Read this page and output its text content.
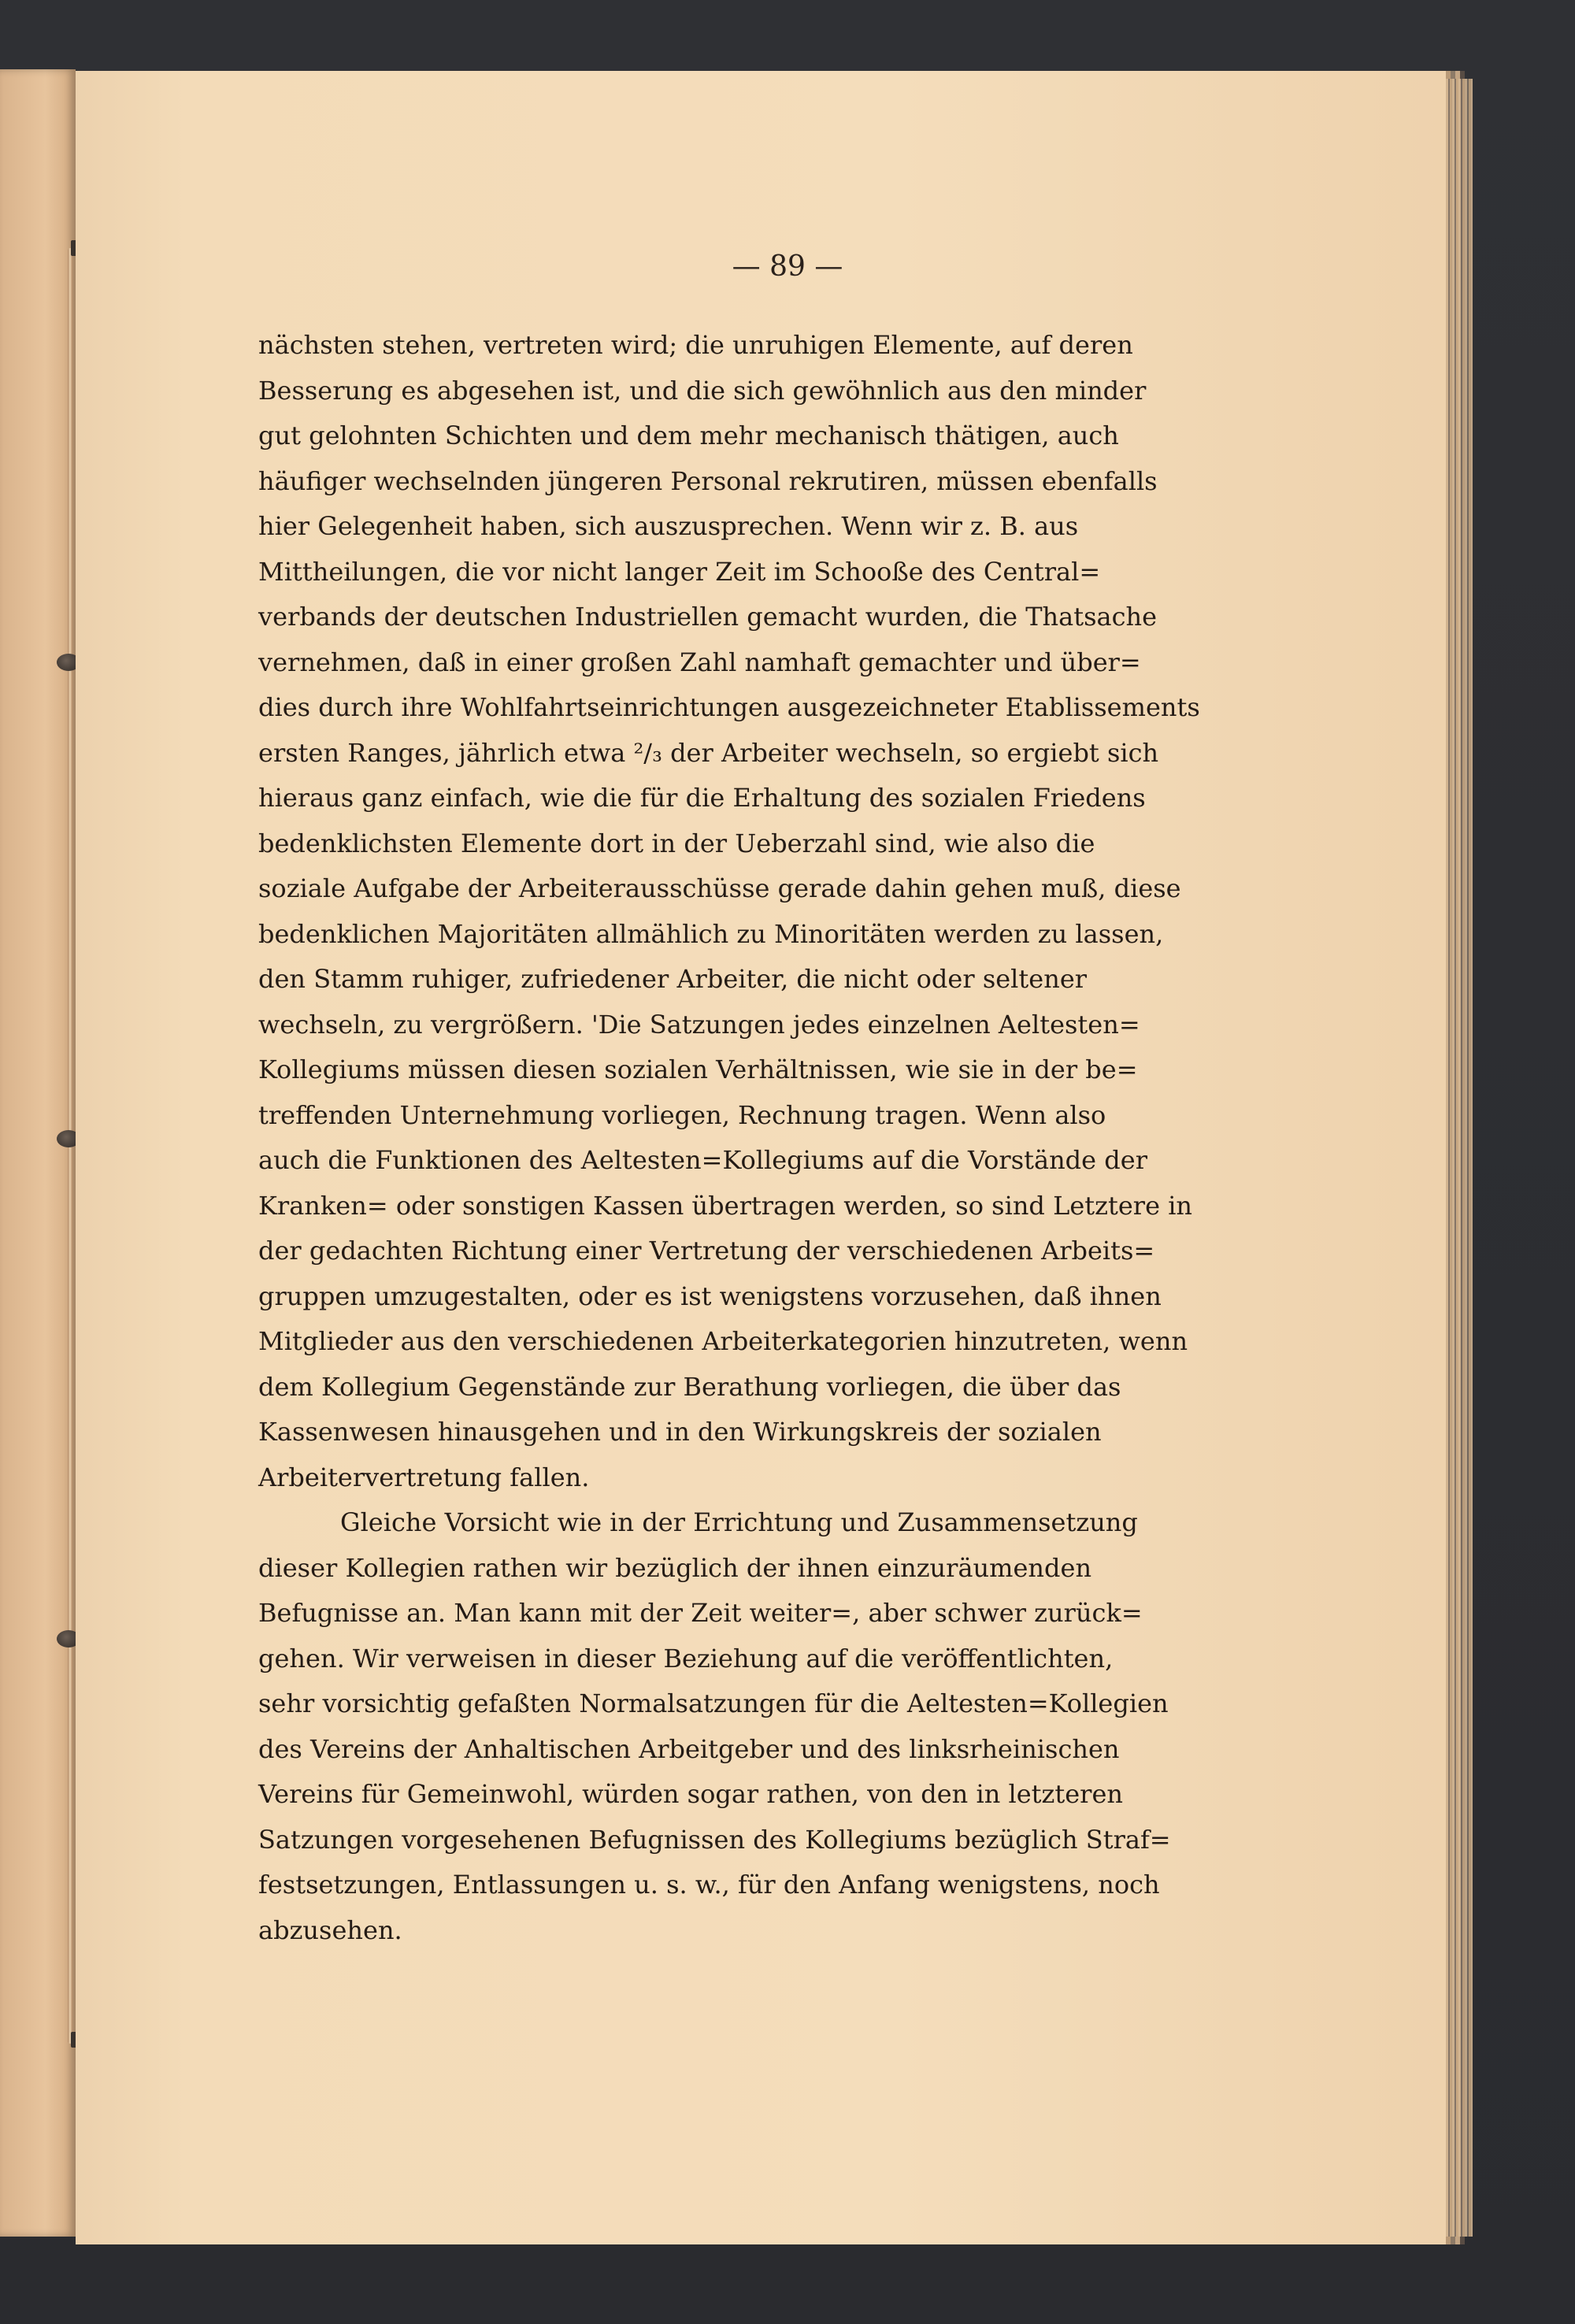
— 89 —
nächsten stehen, vertreten wird; die unruhigen Elemente, auf deren
Besserung es abgesehen ist, und die sich gewöhnlich aus den minder
gut gelohnten Schichten und dem mehr mechanisch thätigen, auch
häufiger wechselnden jüngeren Personal rekrutiren, müssen ebenfalls
hier Gelegenheit haben, sich auszusprechen. Wenn wir z. B. aus
Mittheilungen, die vor nicht langer Zeit im Schooße des Central=
verbands der deutschen Industriellen gemacht wurden, die Thatsache
vernehmen, daß in einer großen Zahl namhaft gemachter und über=
dies durch ihre Wohlfahrtseinrichtungen ausgezeichneter Etablissements
ersten Ranges, jährlich etwa ²/₃ der Arbeiter wechseln, so ergiebt sich
hieraus ganz einfach, wie die für die Erhaltung des sozialen Friedens
bedenklichsten Elemente dort in der Ueberzahl sind, wie also die
soziale Aufgabe der Arbeiterausschüsse gerade dahin gehen muß, diese
bedenklichen Majoritäten allmählich zu Minoritäten werden zu lassen,
den Stamm ruhiger, zufriedener Arbeiter, die nicht oder seltener
wechseln, zu vergrößern. 'Die Satzungen jedes einzelnen Aeltesten=
Kollegiums müssen diesen sozialen Verhältnissen, wie sie in der be=
treffenden Unternehmung vorliegen, Rechnung tragen. Wenn also
auch die Funktionen des Aeltesten=Kollegiums auf die Vorstände der
Kranken= oder sonstigen Kassen übertragen werden, so sind Letztere in
der gedachten Richtung einer Vertretung der verschiedenen Arbeits=
gruppen umzugestalten, oder es ist wenigstens vorzusehen, daß ihnen
Mitglieder aus den verschiedenen Arbeiterkategorien hinzutreten, wenn
dem Kollegium Gegenstände zur Berathung vorliegen, die über das
Kassenwesen hinausgehen und in den Wirkungskreis der sozialen
Arbeitervertretung fallen.
Gleiche Vorsicht wie in der Errichtung und Zusammensetzung
dieser Kollegien rathen wir bezüglich der ihnen einzuräumenden
Befugnisse an. Man kann mit der Zeit weiter=, aber schwer zurück=
gehen. Wir verweisen in dieser Beziehung auf die veröffentlichten,
sehr vorsichtig gefaßten Normalsatzungen für die Aeltesten=Kollegien
des Vereins der Anhaltischen Arbeitgeber und des linksrheinischen
Vereins für Gemeinwohl, würden sogar rathen, von den in letzteren
Satzungen vorgesehenen Befugnissen des Kollegiums bezüglich Straf=
festsetzungen, Entlassungen u. s. w., für den Anfang wenigstens, noch
abzusehen.
